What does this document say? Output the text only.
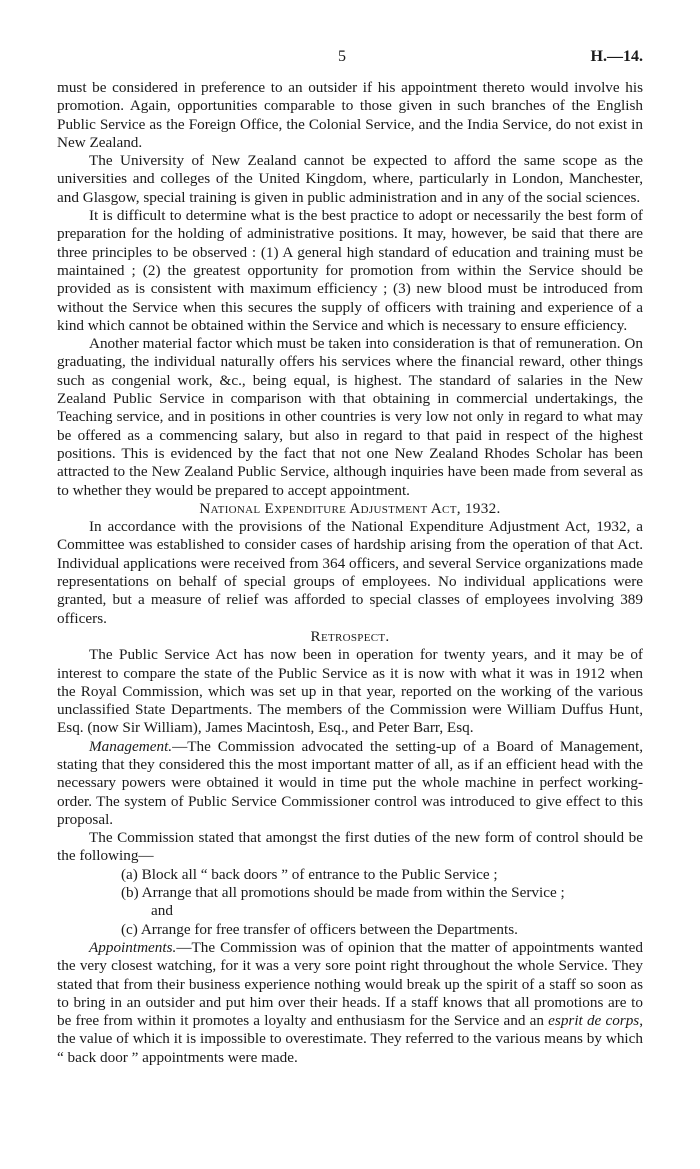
5	H.—14.

must be considered in preference to an outsider if his appointment thereto would involve his promotion. Again, opportunities comparable to those given in such branches of the English Public Service as the Foreign Office, the Colonial Service, and the India Service, do not exist in New Zealand.

The University of New Zealand cannot be expected to afford the same scope as the universities and colleges of the United Kingdom, where, particularly in London, Manchester, and Glasgow, special training is given in public administration and in any of the social sciences.

It is difficult to determine what is the best practice to adopt or necessarily the best form of preparation for the holding of administrative positions. It may, however, be said that there are three principles to be observed : (1) A general high standard of education and training must be maintained ; (2) the greatest opportunity for promotion from within the Service should be provided as is consistent with maximum efficiency ; (3) new blood must be introduced from without the Service when this secures the supply of officers with training and experience of a kind which cannot be obtained within the Service and which is necessary to ensure efficiency.

Another material factor which must be taken into consideration is that of remuneration. On graduating, the individual naturally offers his services where the financial reward, other things such as congenial work, &c., being equal, is highest. The standard of salaries in the New Zealand Public Service in comparison with that obtaining in commercial undertakings, the Teaching service, and in positions in other countries is very low not only in regard to what may be offered as a commencing salary, but also in regard to that paid in respect of the highest positions. This is evidenced by the fact that not one New Zealand Rhodes Scholar has been attracted to the New Zealand Public Service, although inquiries have been made from several as to whether they would be prepared to accept appointment.

National Expenditure Adjustment Act, 1932.

In accordance with the provisions of the National Expenditure Adjustment Act, 1932, a Committee was established to consider cases of hardship arising from the operation of that Act. Individual applications were received from 364 officers, and several Service organizations made representations on behalf of special groups of employees. No individual applications were granted, but a measure of relief was afforded to special classes of employees involving 389 officers.

Retrospect.

The Public Service Act has now been in operation for twenty years, and it may be of interest to compare the state of the Public Service as it is now with what it was in 1912 when the Royal Commission, which was set up in that year, reported on the working of the various unclassified State Departments. The members of the Commission were William Duffus Hunt, Esq. (now Sir William), James Macintosh, Esq., and Peter Barr, Esq.

Management.—The Commission advocated the setting-up of a Board of Management, stating that they considered this the most important matter of all, as if an efficient head with the necessary powers were obtained it would in time put the whole machine in perfect working-order. The system of Public Service Commissioner control was introduced to give effect to this proposal.

The Commission stated that amongst the first duties of the new form of control should be the following—

(a) Block all “ back doors ” of entrance to the Public Service ;

(b) Arrange that all promotions should be made from within the Service ;

and

(c) Arrange for free transfer of officers between the Departments.

Appointments.—The Commission was of opinion that the matter of appointments wanted the very closest watching, for it was a very sore point right throughout the whole Service. They stated that from their business experience nothing would break up the spirit of a staff so soon as to bring in an outsider and put him over their heads. If a staff knows that all promotions are to be free from within it promotes a loyalty and enthusiasm for the Service and an esprit de corps, the value of which it is impossible to overestimate. They referred to the various means by which “ back door ” appointments were made.
